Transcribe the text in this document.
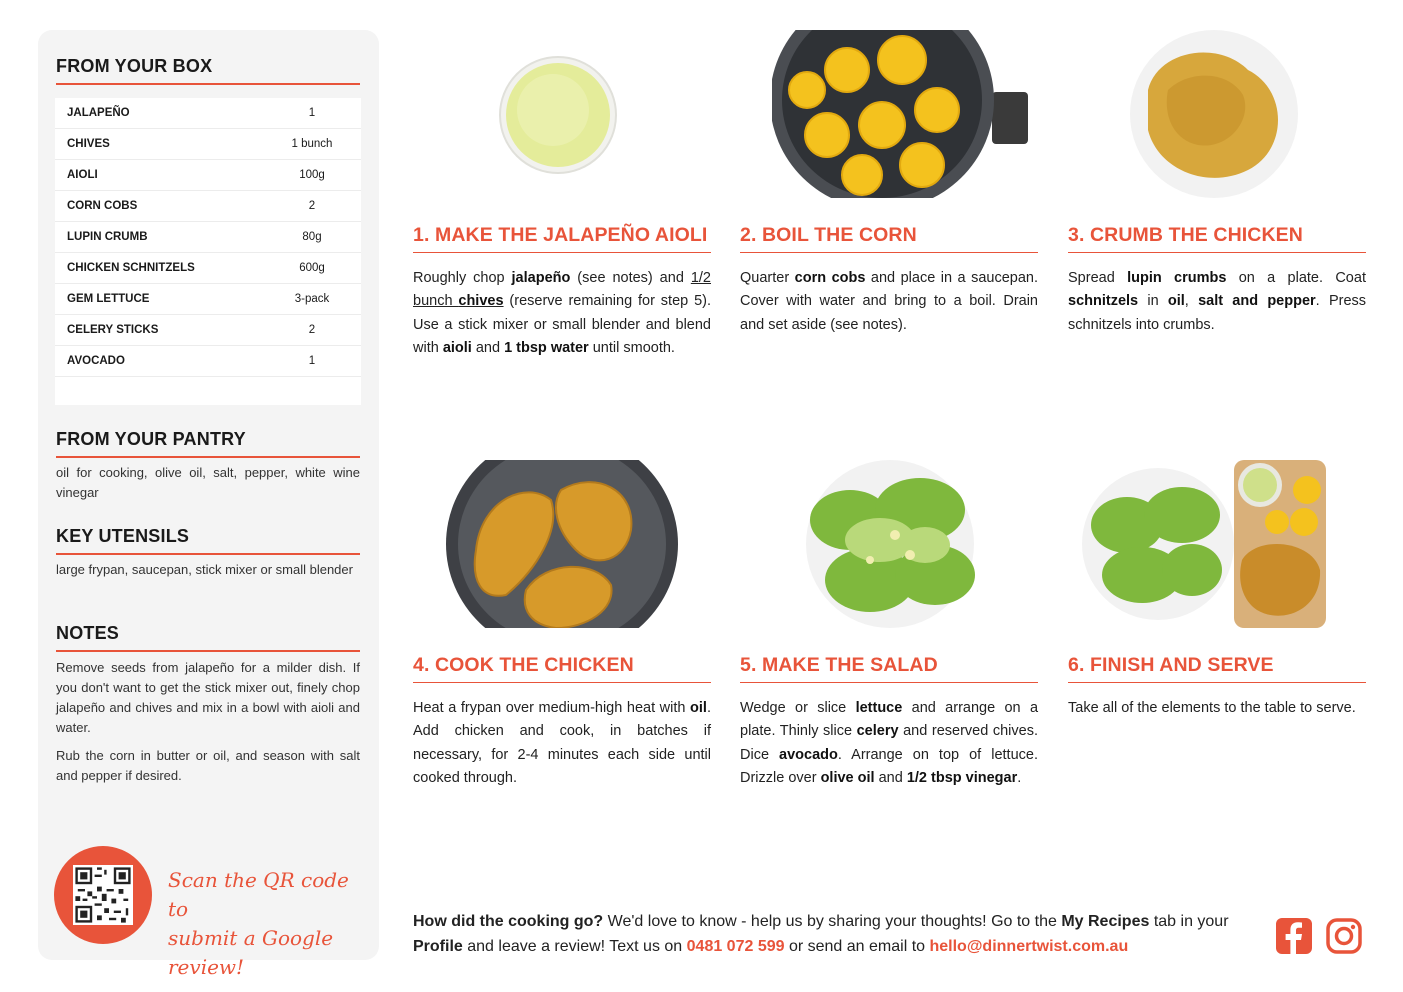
FROM YOUR BOX
JALAPEÑO	1
CHIVES	1 bunch
AIOLI	100g
CORN COBS	2
LUPIN CRUMB	80g
CHICKEN SCHNITZELS	600g
GEM LETTUCE	3-pack
CELERY STICKS	2
AVOCADO	1
FROM YOUR PANTRY
oil for cooking, olive oil, salt, pepper, white wine vinegar
KEY UTENSILS
large frypan, saucepan, stick mixer or small blender
NOTES
Remove seeds from jalapeño for a milder dish. If you don't want to get the stick mixer out, finely chop jalapeño and chives and mix in a bowl with aioli and water.
Rub the corn in butter or oil, and season with salt and pepper if desired.
Scan the QR code to
submit a Google review!
1. MAKE THE JALAPEÑO AIOLI
Roughly chop jalapeño (see notes) and 1/2 bunch chives (reserve remaining for step 5). Use a stick mixer or small blender and blend with aioli and 1 tbsp water until smooth.
2. BOIL THE CORN
Quarter corn cobs and place in a saucepan. Cover with water and bring to a boil. Drain and set aside (see notes).
3. CRUMB THE CHICKEN
Spread lupin crumbs on a plate. Coat schnitzels in oil, salt and pepper. Press schnitzels into crumbs.
4. COOK THE CHICKEN
Heat a frypan over medium-high heat with oil. Add chicken and cook, in batches if necessary, for 2-4 minutes each side until cooked through.
5. MAKE THE SALAD
Wedge or slice lettuce and arrange on a plate. Thinly slice celery and reserved chives. Dice avocado. Arrange on top of lettuce. Drizzle over olive oil and 1/2 tbsp vinegar.
6. FINISH AND SERVE
Take all of the elements to the table to serve.
How did the cooking go? We'd love to know - help us by sharing your thoughts! Go to the My Recipes tab in your Profile and leave a review! Text us on 0481 072 599 or send an email to hello@dinnertwist.com.au
